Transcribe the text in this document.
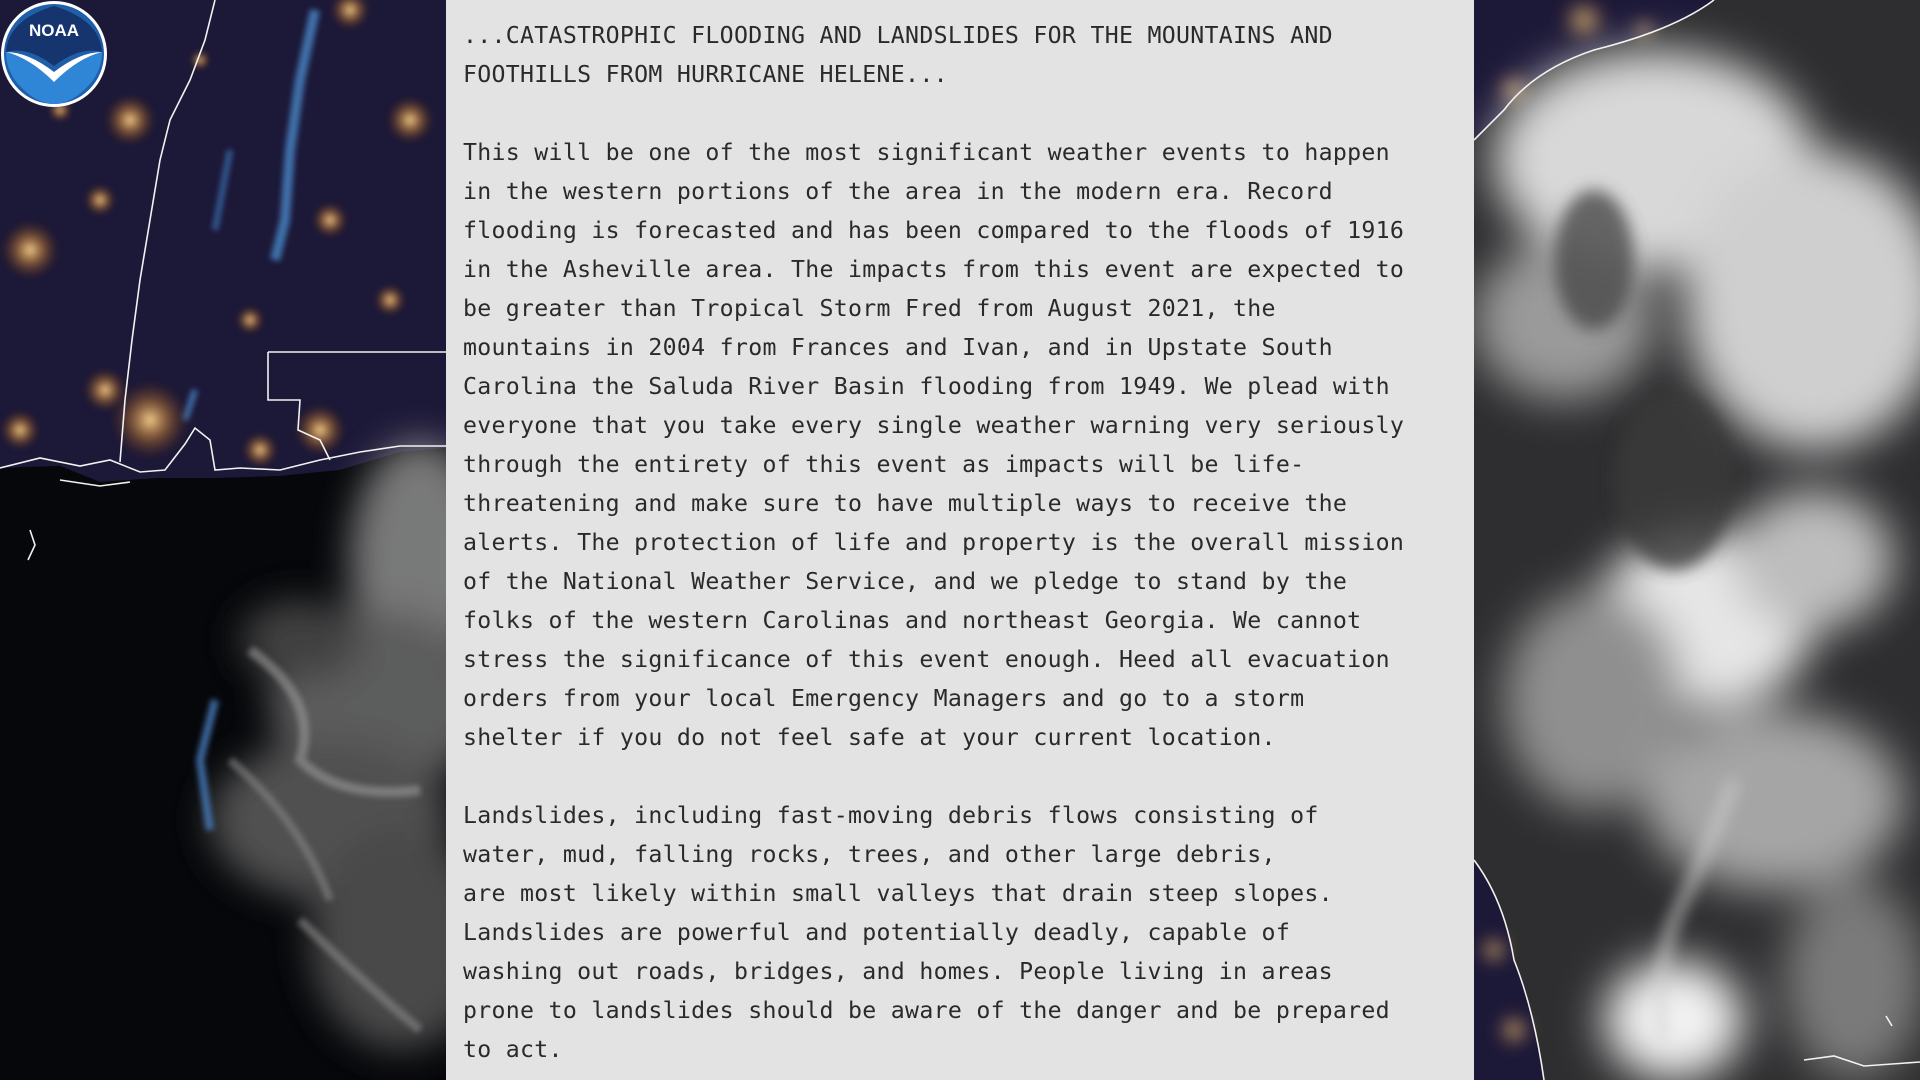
NOAA	...CATASTROPHIC FLOODING AND LANDSLIDES FOR THE MOUNTAINS AND

FOOTHILLS FROM HURRICANE HELENE...

This will be one of the most significant weather events to happen

in the western portions of the area in the modern era. Record

flooding is forecasted and has been compared to the floods of 1916

in the Asheville area. The impacts from this event are expected to

be greater than Tropical Storm Fred from August 2021, the

mountains in 2004 from Frances and Ivan, and in Upstate South

Carolina the Saluda River Basin flooding from 1949. We plead with

everyone that you take every single weather warning very seriously

through the entirety of this event as impacts will be life-

threatening and make sure to have multiple ways to receive the

alerts. The protection of life and property is the overall mission

of the National Weather Service, and we pledge to stand by the

folks of the western Carolinas and northeast Georgia. We cannot

stress the significance of this event enough. Heed all evacuation

orders from your local Emergency Managers and go to a storm

shelter if you do not feel safe at your current location.

Landslides, including fast-moving debris flows consisting of

water, mud, falling rocks, trees, and other large debris,

are most likely within small valleys that drain steep slopes.

Landslides are powerful and potentially deadly, capable of

washing out roads, bridges, and homes. People living in areas

prone to landslides should be aware of the danger and be prepared

to act.
